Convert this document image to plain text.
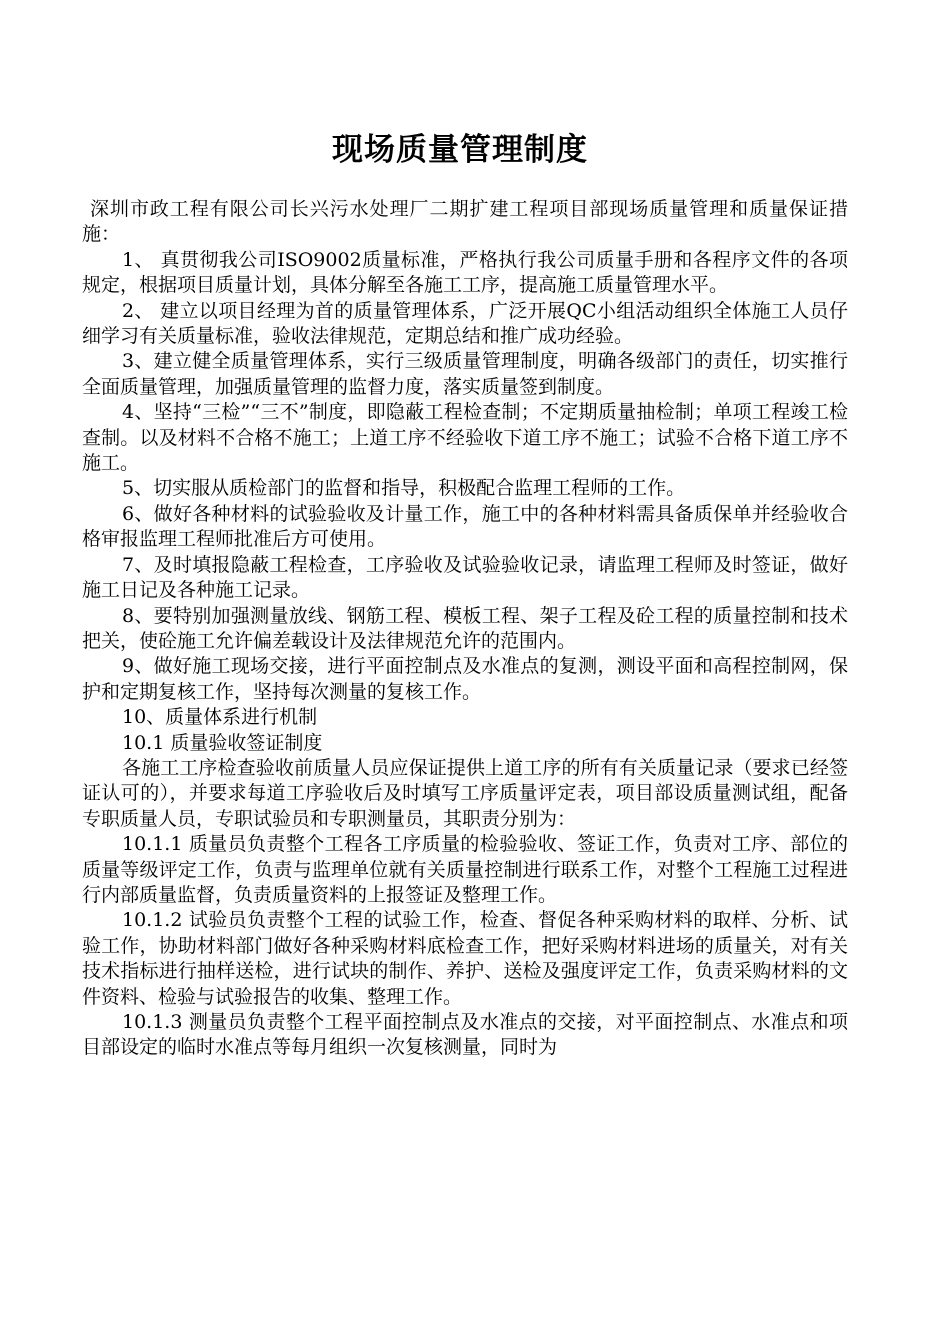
现场质量管理制度

深圳市政工程有限公司长兴污水处理厂二期扩建工程项目部现场质量管理和质量保证措施：

1、 真贯彻我公司ISO9002质量标准，严格执行我公司质量手册和各程序文件的各项规定，根据项目质量计划，具体分解至各施工工序，提高施工质量管理水平。

2、 建立以项目经理为首的质量管理体系，广泛开展QC小组活动组织全体施工人员仔细学习有关质量标准，验收法律规范，定期总结和推广成功经验。

3、建立健全质量管理体系，实行三级质量管理制度，明确各级部门的责任，切实推行全面质量管理，加强质量管理的监督力度，落实质量签到制度。

4、坚持“三检”“三不”制度，即隐蔽工程检查制；不定期质量抽检制；单项工程竣工检查制。以及材料不合格不施工；上道工序不经验收下道工序不施工；试验不合格下道工序不施工。

5、切实服从质检部门的监督和指导，积极配合监理工程师的工作。

6、做好各种材料的试验验收及计量工作，施工中的各种材料需具备质保单并经验收合格审报监理工程师批准后方可使用。

7、及时填报隐蔽工程检查，工序验收及试验验收记录，请监理工程师及时签证，做好施工日记及各种施工记录。

8、要特别加强测量放线、钢筋工程、模板工程、架子工程及砼工程的质量控制和技术把关，使砼施工允许偏差载设计及法律规范允许的范围内。

9、做好施工现场交接，进行平面控制点及水准点的复测，测设平面和高程控制网，保护和定期复核工作，坚持每次测量的复核工作。

10、质量体系进行机制

10.1 质量验收签证制度

各施工工序检查验收前质量人员应保证提供上道工序的所有有关质量记录（要求已经签证认可的），并要求每道工序验收后及时填写工序质量评定表，项目部设质量测试组，配备专职质量人员，专职试验员和专职测量员，其职责分别为：

10.1.1 质量员负责整个工程各工序质量的检验验收、签证工作，负责对工序、部位的质量等级评定工作，负责与监理单位就有关质量控制进行联系工作，对整个工程施工过程进行内部质量监督，负责质量资料的上报签证及整理工作。

10.1.2 试验员负责整个工程的试验工作，检查、督促各种采购材料的取样、分析、试验工作，协助材料部门做好各种采购材料底检查工作，把好采购材料进场的质量关，对有关技术指标进行抽样送检，进行试块的制作、养护、送检及强度评定工作，负责采购材料的文件资料、检验与试验报告的收集、整理工作。

10.1.3 测量员负责整个工程平面控制点及水准点的交接，对平面控制点、水准点和项目部设定的临时水准点等每月组织一次复核测量，同时为
